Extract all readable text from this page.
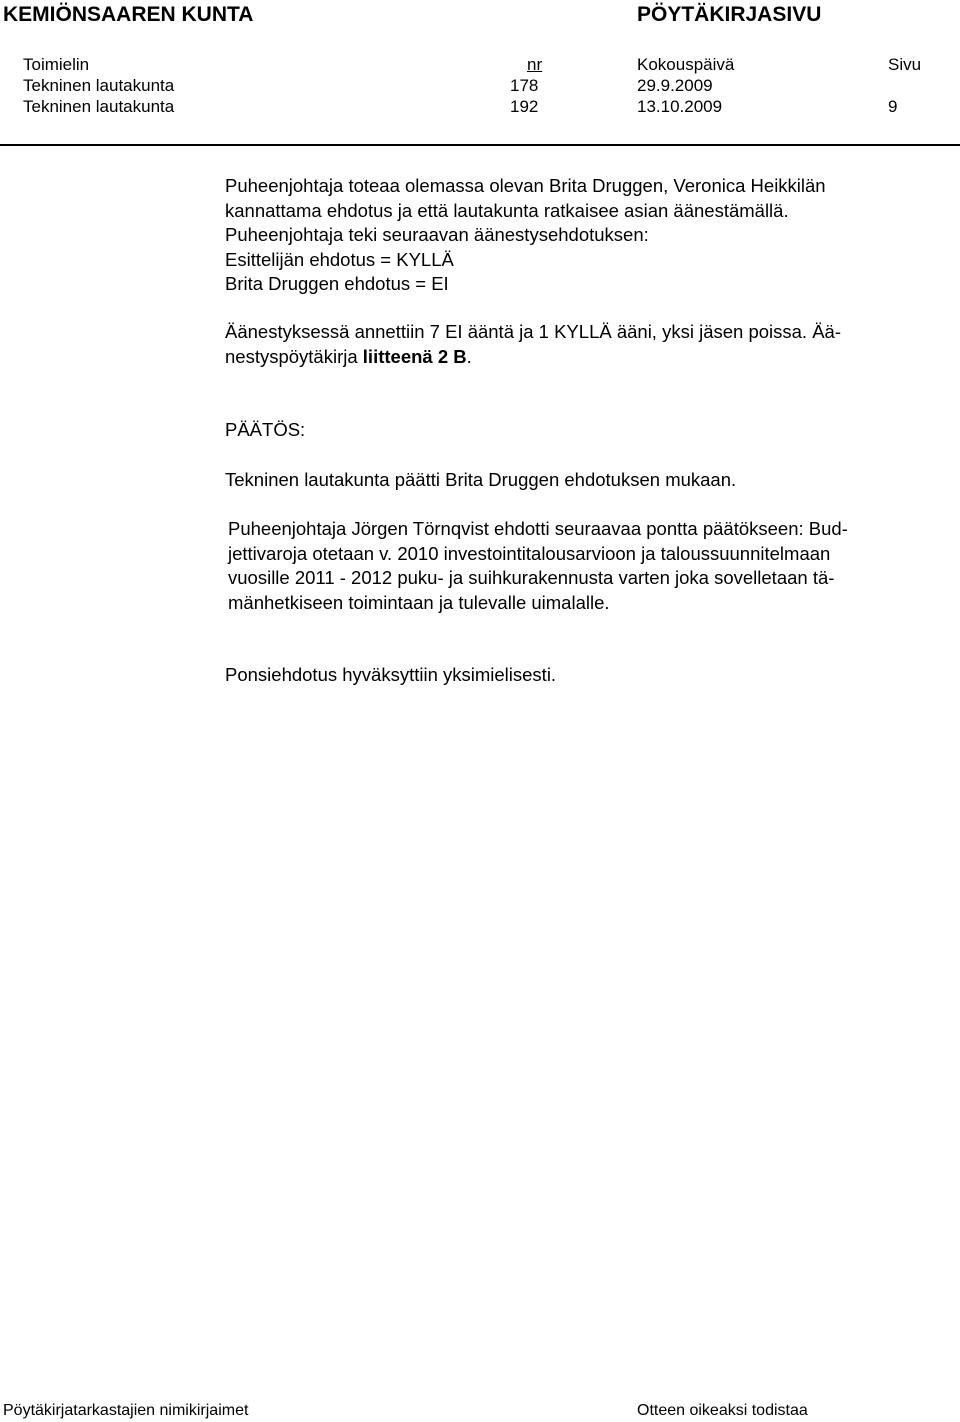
KEMIÖNSAAREN KUNTA	PÖYTÄKIRJASIVU
Toimielin	nr	Kokouspäivä	Sivu
Tekninen lautakunta	178	29.9.2009
Tekninen lautakunta	192	13.10.2009	9

Puheenjohtaja toteaa olemassa olevan Brita Druggen, Veronica Heikkilän

kannattama ehdotus ja että lautakunta ratkaisee asian äänestämällä.

Puheenjohtaja teki seuraavan äänestysehdotuksen:

Esittelijän ehdotus = KYLLÄ

Brita Druggen ehdotus = EI

Äänestyksessä annettiin 7 EI ääntä ja 1 KYLLÄ ääni, yksi jäsen poissa. Ää-

nestyspöytäkirja liitteenä 2 B.

PÄÄTÖS:
Tekninen lautakunta päätti Brita Druggen ehdotuksen mukaan.

Puheenjohtaja Jörgen Törnqvist ehdotti seuraavaa pontta päätökseen: Bud-

jettivaroja otetaan v. 2010 investointitalousarvioon ja taloussuunnitelmaan

vuosille 2011 - 2012 puku- ja suihkurakennusta varten joka sovelletaan tä-

mänhetkiseen toimintaan ja tulevalle uimalalle.

Ponsiehdotus hyväksyttiin yksimielisesti.
Pöytäkirjatarkastajien nimikirjaimet	Otteen oikeaksi todistaa
